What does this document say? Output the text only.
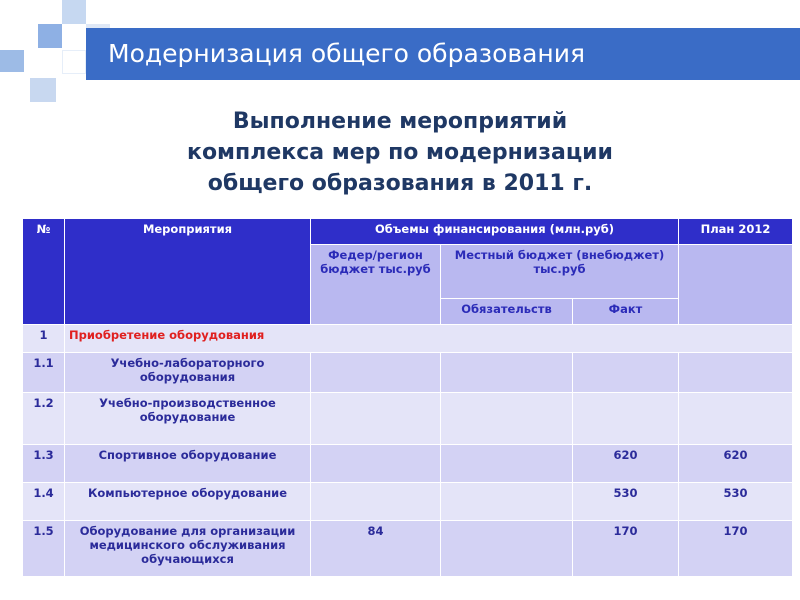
Модернизация общего образования
Выполнение мероприятий
комплекса мер по модернизации
общего образования в 2011 г.
№	Мероприятия	Объемы финансирования (млн.руб)			План 2012
		Федер/регион бюджет тыс.руб	Местный бюджет (внебюджет) тыс.руб		
			Обязательств	Факт	
1	Приобретение оборудования				
1.1	Учебно-лабораторного оборудования				
1.2	Учебно-производственное оборудование				
1.3	Спортивное оборудование			620	620
1.4	Компьютерное оборудование			530	530
1.5	Оборудование для организации медицинского обслуживания обучающихся	84		170	170
